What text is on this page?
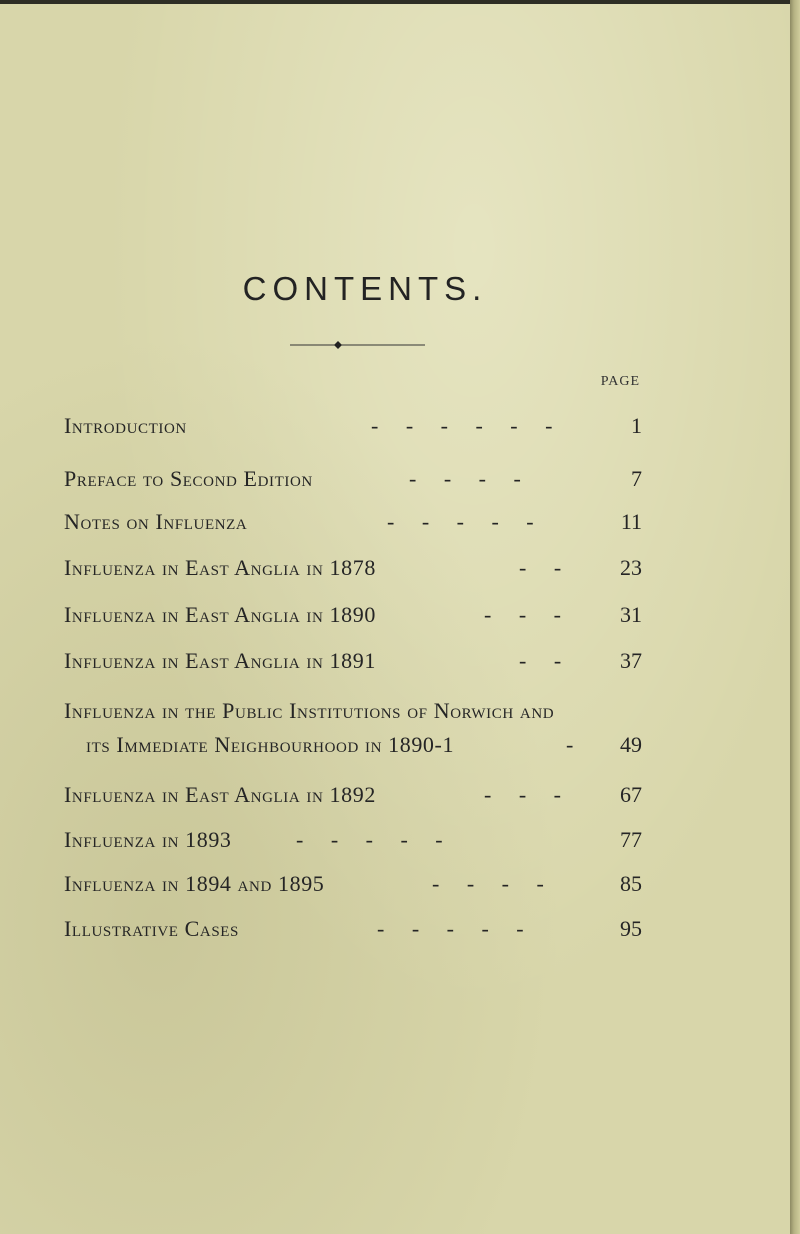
CONTENTS.
PAGE
Introduction	-     -     -     -     -     -	1
Preface to Second Edition	-     -     -     -	7
Notes on Influenza	-     -     -     -     -	11
Influenza in East Anglia in 1878	-     -	23
Influenza in East Anglia in 1890	-     -     -	31
Influenza in East Anglia in 1891	-     -	37
Influenza in the Public Institutions of Norwich and
its Immediate Neighbourhood in 1890-1	- 49
Influenza in East Anglia in 1892	-     -     -	67
Influenza in 1893	-     -     -     -     -	77
Influenza in 1894 and 1895	-     -     -     -	85
Illustrative Cases	-     -     -     -     -	95
